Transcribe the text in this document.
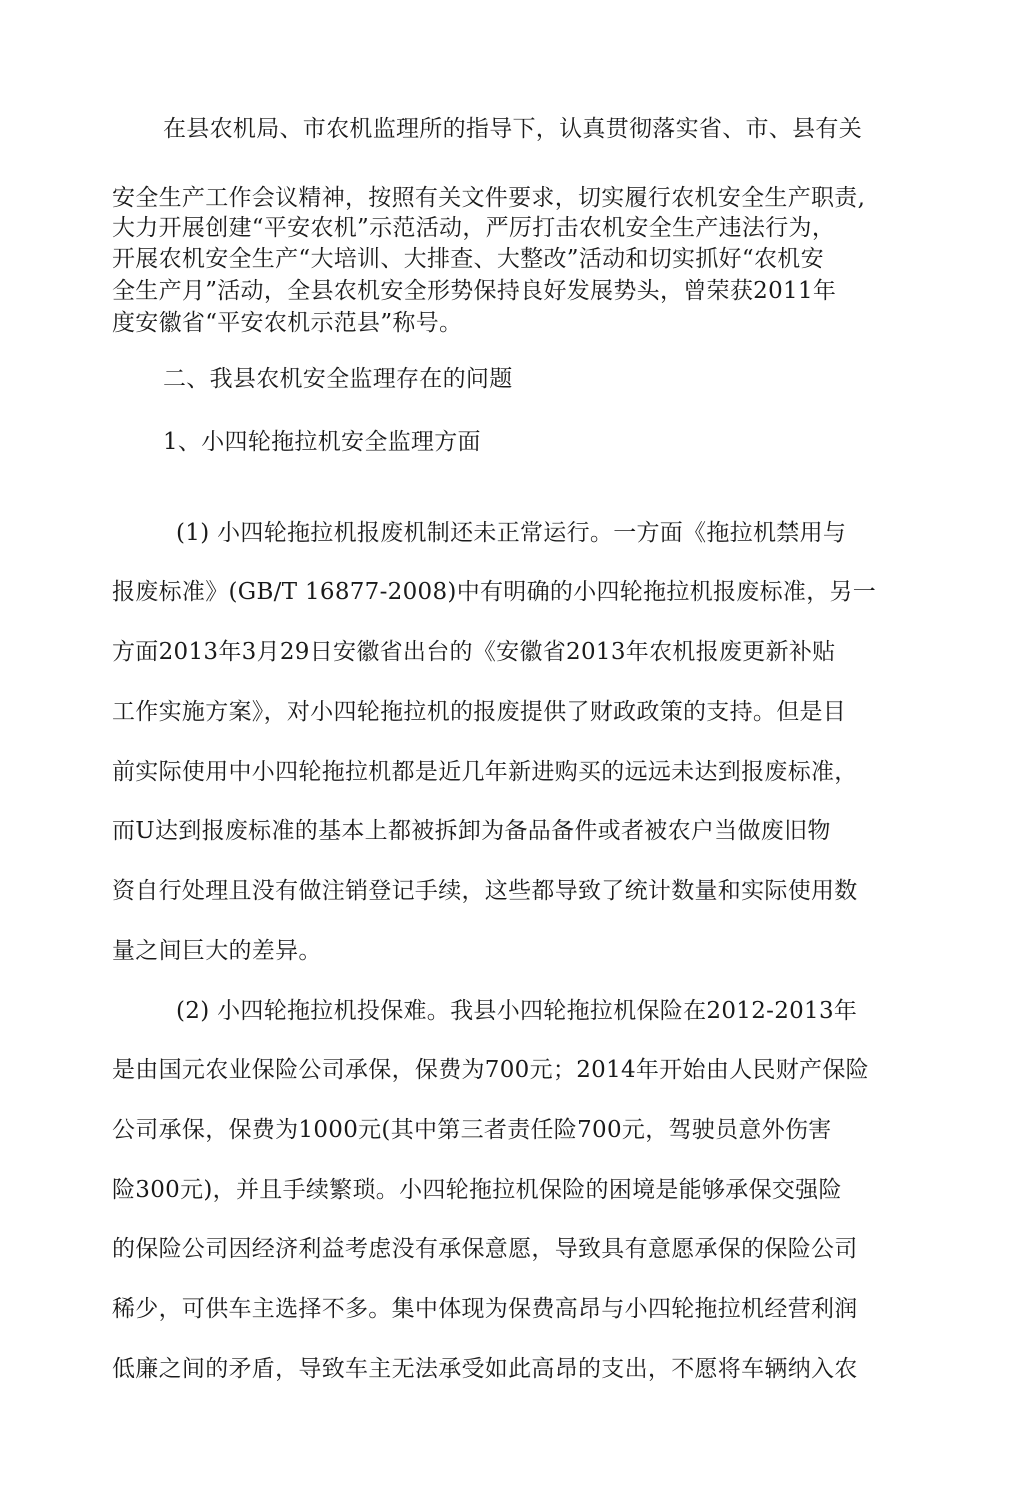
在县农机局、市农机监理所的指导下，认真贯彻落实省、市、县有关
安全生产工作会议精神，按照有关文件要求，切实履行农机安全生产职责,
大力开展创建“平安农机”示范活动，严厉打击农机安全生产违法行为，
开展农机安全生产“大培训、大排查、大整改”活动和切实抓好“农机安
全生产月”活动，全县农机安全形势保持良好发展势头，曾荣获2011年
度安徽省“平安农机示范县”称号。
二、我县农机安全监理存在的问题
1、小四轮拖拉机安全监理方面
(1) 小四轮拖拉机报废机制还未正常运行。一方面《拖拉机禁用与
报废标准》(GB/T 16877-2008)中有明确的小四轮拖拉机报废标准，另一
方面2013年3月29日安徽省出台的《安徽省2013年农机报废更新补贴
工作实施方案》，对小四轮拖拉机的报废提供了财政政策的支持。但是目
前实际使用中小四轮拖拉机都是近几年新进购买的远远未达到报废标准，
而U达到报废标准的基本上都被拆卸为备品备件或者被农户当做废旧物
资自行处理且没有做注销登记手续，这些都导致了统计数量和实际使用数
量之间巨大的差异。
(2) 小四轮拖拉机投保难。我县小四轮拖拉机保险在2012-2013年
是由国元农业保险公司承保，保费为700元；2014年开始由人民财产保险
公司承保，保费为1000元(其中第三者责任险700元，驾驶员意外伤害
险300元)，并且手续繁琐。小四轮拖拉机保险的困境是能够承保交强险
的保险公司因经济利益考虑没有承保意愿，导致具有意愿承保的保险公司
稀少，可供车主选择不多。集中体现为保费高昂与小四轮拖拉机经营利润
低廉之间的矛盾，导致车主无法承受如此高昂的支出，不愿将车辆纳入农
